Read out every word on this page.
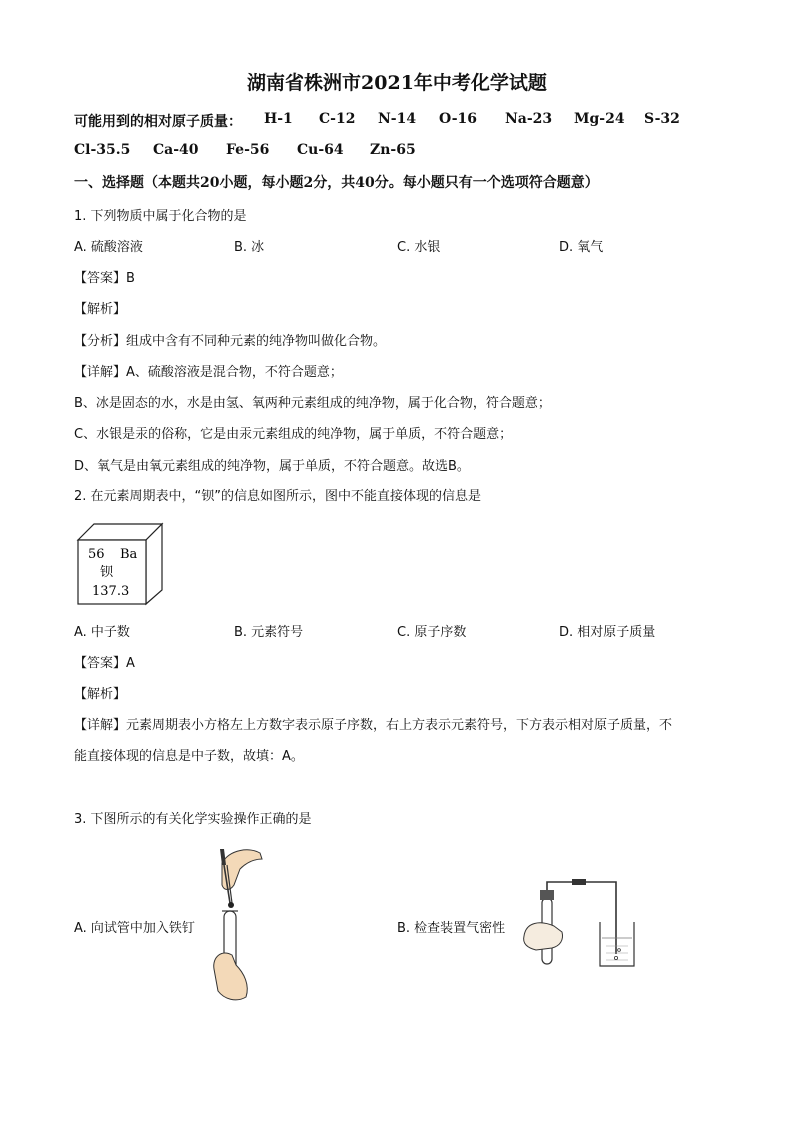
湖南省株洲市2021年中考化学试题
可能用到的相对原子质量： H-1 C-12 N-14 O-16 Na-23 Mg-24 S-32
Cl-35.5 Ca-40 Fe-56 Cu-64 Zn-65
一、选择题（本题共20小题，每小题2分，共40分。每小题只有一个选项符合题意）
1. 下列物质中属于化合物的是
A. 硫酸溶液	B. 冰	C. 水银	D. 氧气
【答案】B
【解析】
【分析】组成中含有不同种元素的纯净物叫做化合物。
【详解】A、硫酸溶液是混合物，不符合题意；
B、冰是固态的水，水是由氢、氧两种元素组成的纯净物，属于化合物，符合题意；
C、水银是汞的俗称，它是由汞元素组成的纯净物，属于单质，不符合题意；
D、氧气是由氧元素组成的纯净物，属于单质，不符合题意。故选B。
2. 在元素周期表中，“钡”的信息如图所示，图中不能直接体现的信息是
56 Ba
钡
137.3
A. 中子数	B. 元素符号	C. 原子序数	D. 相对原子质量
【答案】A
【解析】
【详解】元素周期表小方格左上方数字表示原子序数，右上方表示元素符号，下方表示相对原子质量，不
能直接体现的信息是中子数，故填：A。
3. 下图所示的有关化学实验操作正确的是
A. 向试管中加入铁钉	B. 检查装置气密性
